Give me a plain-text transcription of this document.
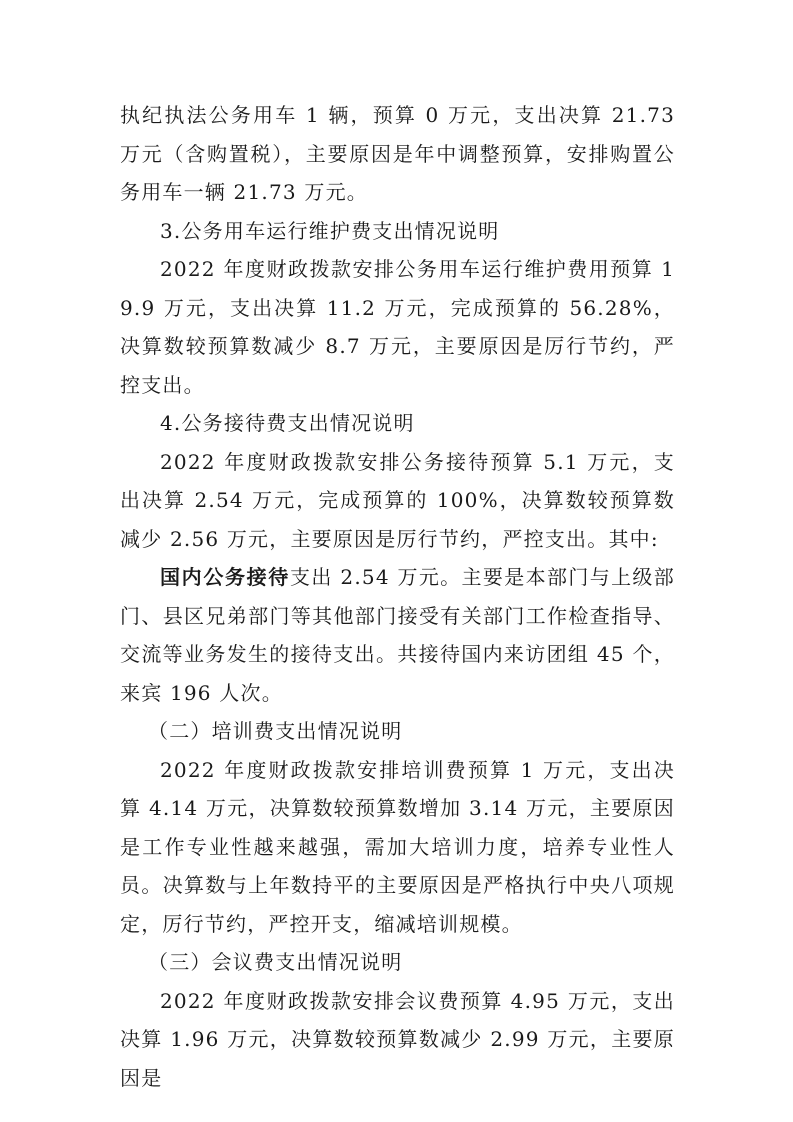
执纪执法公务用车 1 辆，预算 0 万元，支出决算 21.73 万元（含购置税），主要原因是年中调整预算，安排购置公务用车一辆 21.73 万元。

3.公务用车运行维护费支出情况说明

2022 年度财政拨款安排公务用车运行维护费用预算 19.9 万元，支出决算 11.2 万元，完成预算的 56.28%，决算数较预算数减少 8.7 万元，主要原因是厉行节约，严控支出。

4.公务接待费支出情况说明

2022 年度财政拨款安排公务接待预算 5.1 万元，支出决算 2.54 万元，完成预算的 100%，决算数较预算数减少 2.56 万元，主要原因是厉行节约，严控支出。其中:

国内公务接待支出 2.54 万元。主要是本部门与上级部门、县区兄弟部门等其他部门接受有关部门工作检查指导、交流等业务发生的接待支出。共接待国内来访团组 45 个，来宾 196 人次。

（二）培训费支出情况说明

2022 年度财政拨款安排培训费预算 1 万元，支出决算 4.14 万元，决算数较预算数增加 3.14 万元，主要原因是工作专业性越来越强，需加大培训力度，培养专业性人员。决算数与上年数持平的主要原因是严格执行中央八项规定，厉行节约，严控开支，缩减培训规模。

（三）会议费支出情况说明

2022 年度财政拨款安排会议费预算 4.95 万元，支出决算 1.96 万元，决算数较预算数减少 2.99 万元，主要原因是
